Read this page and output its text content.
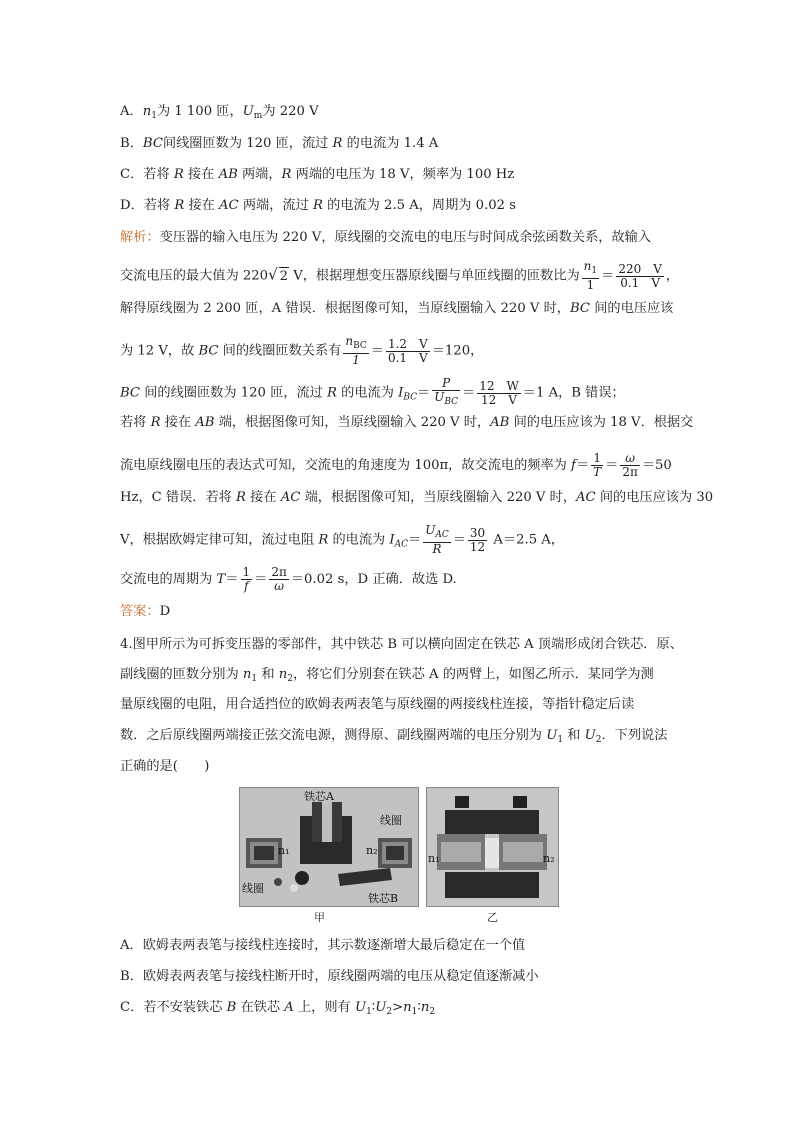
A．$n_1$为 1 100 匝，$U_m$为 220 V
B．BC间线圈匝数为 120 匝，流过 R 的电流为 1.4 A
C．若将 R 接在 AB 两端，R 两端的电压为 18 V，频率为 100 Hz
D．若将 R 接在 AC 两端，流过 R 的电流为 2.5 A，周期为 0.02 s
解析：变压器的输入电压为 220 V，原线圈的交流电的电压与时间成余弦函数关系，故输入
交流电压的最大值为 220√ 2 V，根据理想变压器原线圈与单匝线圈的匝数比为 $\frac{n_1}{1} = \frac{220 V}{0.1 V}$ ，
解得原线圈为 2 200 匝，A 错误．根据图像可知，当原线圈输入 220 V 时，BC 间的电压应该
为 12 V，故 BC 间的线圈匝数关系有 $\frac{n_{BC}}{1} = \frac{1.2 V}{0.1 V} =120$，
BC 间的线圈匝数为 120 匝，流过 R 的电流为 $I_{BC}= \frac{P}{U_{BC}} = \frac{12 W}{12 V} =1$ A，B 错误；
若将 R 接在 AB 端，根据图像可知，当原线圈输入 220 V 时，AB 间的电压应该为 18 V．根据交
流电原线圈电压的表达式可知，交流电的角速度为 100π，故交流电的频率为 $f= \frac{1}{T} = \frac{\omega}{2\pi} =50$
Hz，C 错误．若将 R 接在 AC 端，根据图像可知，当原线圈输入 220 V 时，AC 间的电压应该为 30
V，根据欧姆定律可知，流过电阻 R 的电流为 $I_{AC}= \frac{U_{AC}}{R} = \frac{30}{12} A=2.5$ A，
交流电的周期为 $T= \frac{1}{f} = \frac{2\pi}{\omega} =0.02$ s，D 正确．故选 D.
答案：D
4.图甲所示为可拆变压器的零部件，其中铁芯 B 可以横向固定在铁芯 A 顶端形成闭合铁芯．原、
副线圈的匝数分别为 $n_1$ 和 $n_2$，将它们分别套在铁芯 A 的两臂上，如图乙所示．某同学为测
量原线圈的电阻，用合适挡位的欧姆表两表笔与原线圈的两接线柱连接，等指针稳定后读
数．之后原线圈两端接正弦交流电源，测得原、副线圈两端的电压分别为 $U_1$ 和 $U_2$．下列说法
正确的是(　　)
铁芯A
线圈
n₁	n₂
线圈
铁芯B
甲
n₁	n₂
乙
A．欧姆表两表笔与接线柱连接时，其示数逐渐增大最后稳定在一个值
B．欧姆表两表笔与接线柱断开时，原线圈两端的电压从稳定值逐渐减小
C．若不安装铁芯 B 在铁芯 A 上，则有 $U_1∶U_2>n_1∶n_2$
